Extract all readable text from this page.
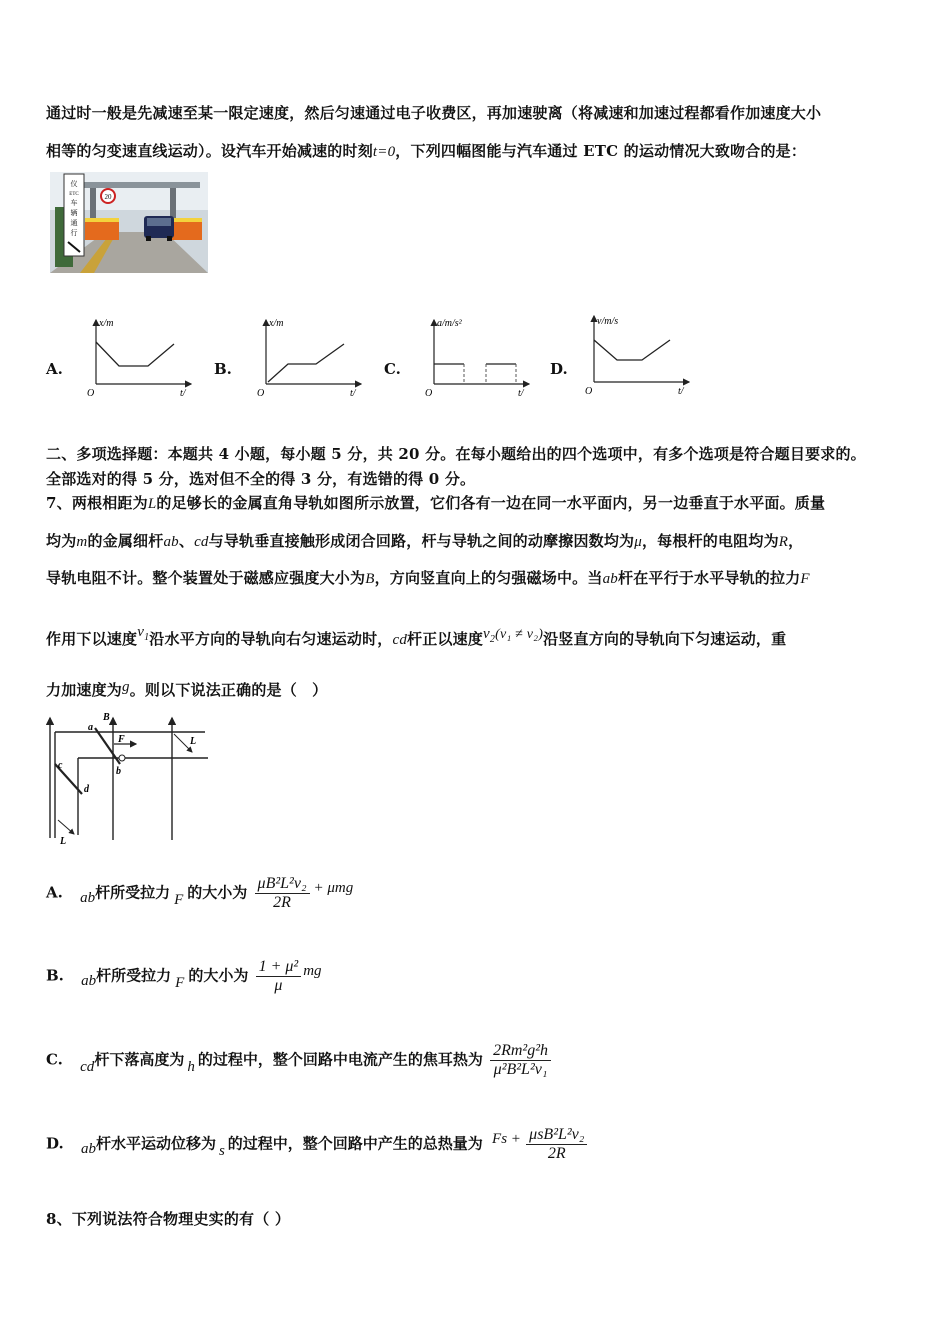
通过时一般是先减速至某一限定速度，然后匀速通过电子收费区，再加速驶离（将减速和加速过程都看作加速度大小
相等的匀变速直线运动）。设汽车开始减速的时刻t=0，下列四幅图能与汽车通过 ETC 的运动情况大致吻合的是：
仪
ETC
车
辆
通
行
20
A.
x/m
O	t/
B.
x/m
O	t/
C.
a/m/s²
O	t/
D.
v/m/s
O	t/
二、多项选择题：本题共 4 小题，每小题 5 分，共 20 分。在每小题给出的四个选项中，有多个选项是符合题目要求的。
全部选对的得 5 分，选对但不全的得 3 分，有选错的得 0 分。
7、两根相距为L的足够长的金属直角导轨如图所示放置，它们各有一边在同一水平面内，另一边垂直于水平面。质量
均为m的金属细杆ab、cd与导轨垂直接触形成闭合回路，杆与导轨之间的动摩擦因数均为μ，每根杆的电阻均为R，
导轨电阻不计。整个装置处于磁感应强度大小为B，方向竖直向上的匀强磁场中。当ab杆在平行于水平导轨的拉力F
作用下以速度$v_1$沿水平方向的导轨向右匀速运动时，cd杆正以速度$v_2(v_1 \ne v_2)$沿竖直方向的导轨向下匀速运动，重
力加速度为g。则以下说法正确的是（　）
a
b
c
d
B
F	L
L
A. ab杆所受拉力 F 的大小为 $\frac{\text{μB²L²v₂}}{2R} + \mu mg$
B. ab杆所受拉力 F 的大小为 $\frac{\text{1 + μ²}}{\mu}$ mg
C. cd杆下落高度为 h 的过程中，整个回路中电流产生的焦耳热为 $\frac{\text{2Rm²g²h}}{\text{μ²B²L²v₁}}$
D. ab杆水平运动位移为 s 的过程中，整个回路中产生的总热量为 $Fs + \frac{\text{μsB²L²v₂}}{2R}$
8、下列说法符合物理史实的有（ ）
